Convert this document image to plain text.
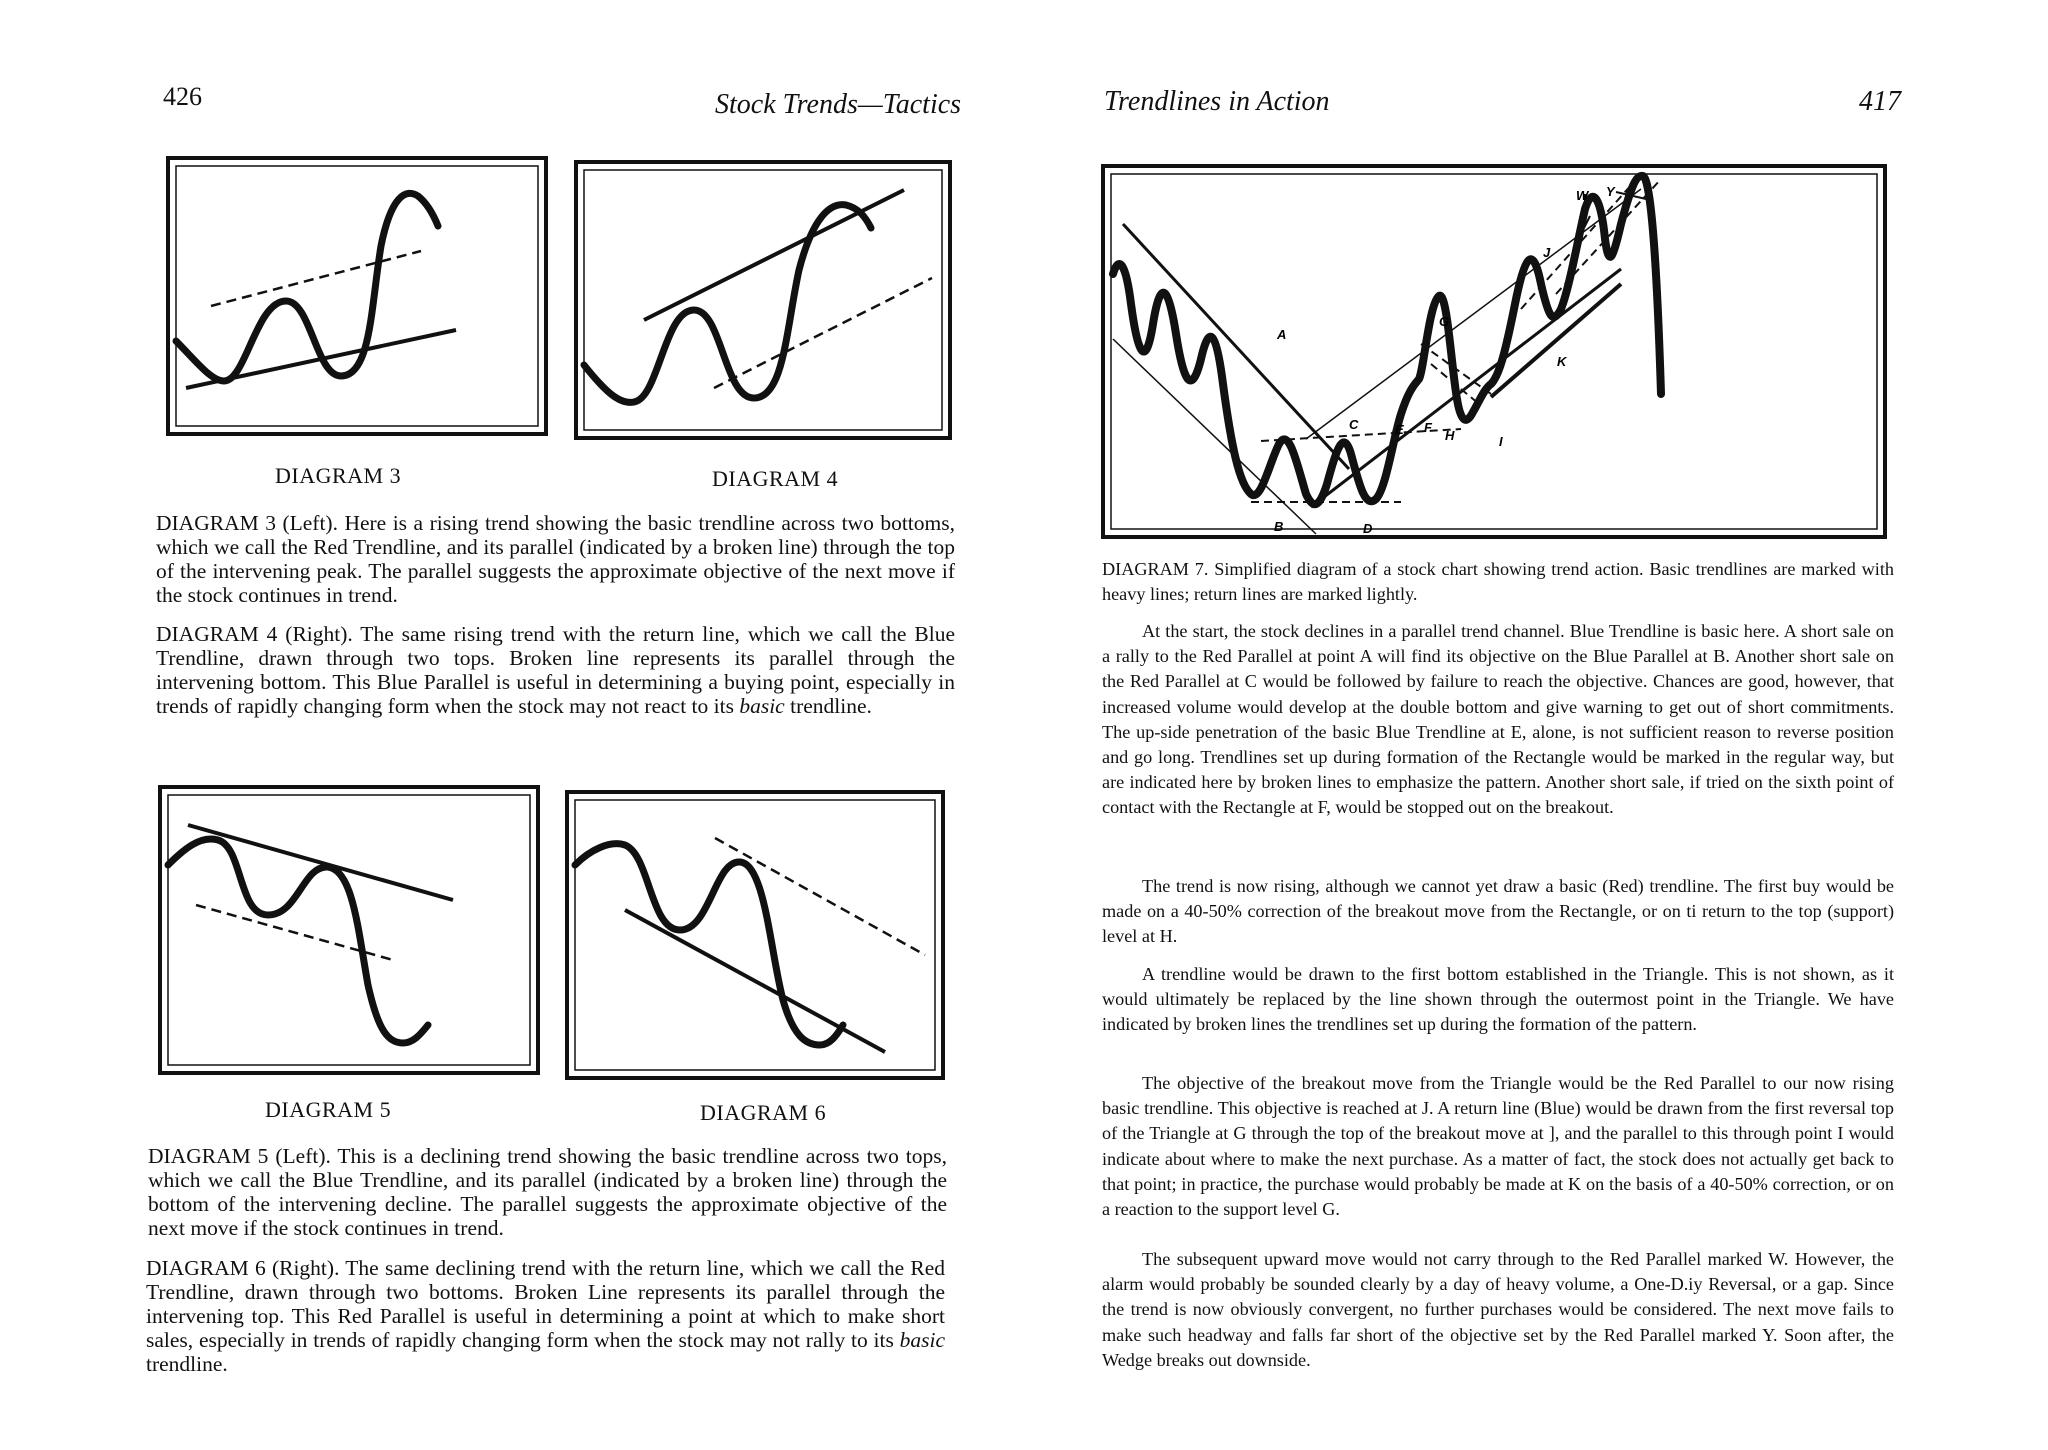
426	Stock Trends—Tactics
DIAGRAM 3	DIAGRAM 4

DIAGRAM 3 (Left). Here is a rising trend showing the basic trendline across two bottoms, which we call the Red Trendline, and its parallel (indicated by a broken line) through the top of the intervening peak. The parallel suggests the approximate objective of the next move if the stock continues in trend.

DIAGRAM 4 (Right). The same rising trend with the return line, which we call the Blue Trendline, drawn through two tops. Broken line represents its parallel through the intervening bottom. This Blue Parallel is useful in determining a buying point, especially in trends of rapidly changing form when the stock may not react to its basic trendline.

DIAGRAM 5	DIAGRAM 6

DIAGRAM 5 (Left). This is a declining trend showing the basic trendline across two tops, which we call the Blue Trendline, and its parallel (indicated by a broken line) through the bottom of the intervening decline. The parallel suggests the approximate objective of the next move if the stock continues in trend.

DIAGRAM 6 (Right). The same declining trend with the return line, which we call the Red Trendline, drawn through two bottoms. Broken Line represents its parallel through the intervening top. This Red Parallel is useful in determining a point at which to make short sales, especially in trends of rapidly changing form when the stock may not rally to its basic trendline.

Trendlines in Action	417
A
B
C
D
E F
G
H	I
J
K
W Y

DIAGRAM 7. Simplified diagram of a stock chart showing trend action. Basic trendlines are marked with heavy lines; return lines are marked lightly.

At the start, the stock declines in a parallel trend channel. Blue Trendline is basic here. A short sale on a rally to the Red Parallel at point A will find its objective on the Blue Parallel at B. Another short sale on the Red Parallel at C would be followed by failure to reach the objective. Chances are good, however, that increased volume would develop at the double bottom and give warning to get out of short commitments. The up-side penetration of the basic Blue Trendline at E, alone, is not sufficient reason to reverse position and go long. Trendlines set up during formation of the Rectangle would be marked in the regular way, but are indicated here by broken lines to emphasize the pattern. Another short sale, if tried on the sixth point of contact with the Rectangle at F, would be stopped out on the breakout.

The trend is now rising, although we cannot yet draw a basic (Red) trendline. The first buy would be made on a 40-50% correction of the breakout move from the Rectangle, or on ti return to the top (support) level at H.

A trendline would be drawn to the first bottom established in the Triangle. This is not shown, as it would ultimately be replaced by the line shown through the outermost point in the Triangle. We have indicated by broken lines the trendlines set up during the formation of the pattern.

The objective of the breakout move from the Triangle would be the Red Parallel to our now rising basic trendline. This objective is reached at J. A return line (Blue) would be drawn from the first reversal top of the Triangle at G through the top of the breakout move at ], and the parallel to this through point I would indicate about where to make the next purchase. As a matter of fact, the stock does not actually get back to that point; in practice, the purchase would probably be made at K on the basis of a 40-50% correction, or on a reaction to the support level G.

The subsequent upward move would not carry through to the Red Parallel marked W. However, the alarm would probably be sounded clearly by a day of heavy volume, a One-D.iy Reversal, or a gap. Since the trend is now obviously convergent, no further purchases would be considered. The next move fails to make such headway and falls far short of the objective set by the Red Parallel marked Y. Soon after, the Wedge breaks out downside.
